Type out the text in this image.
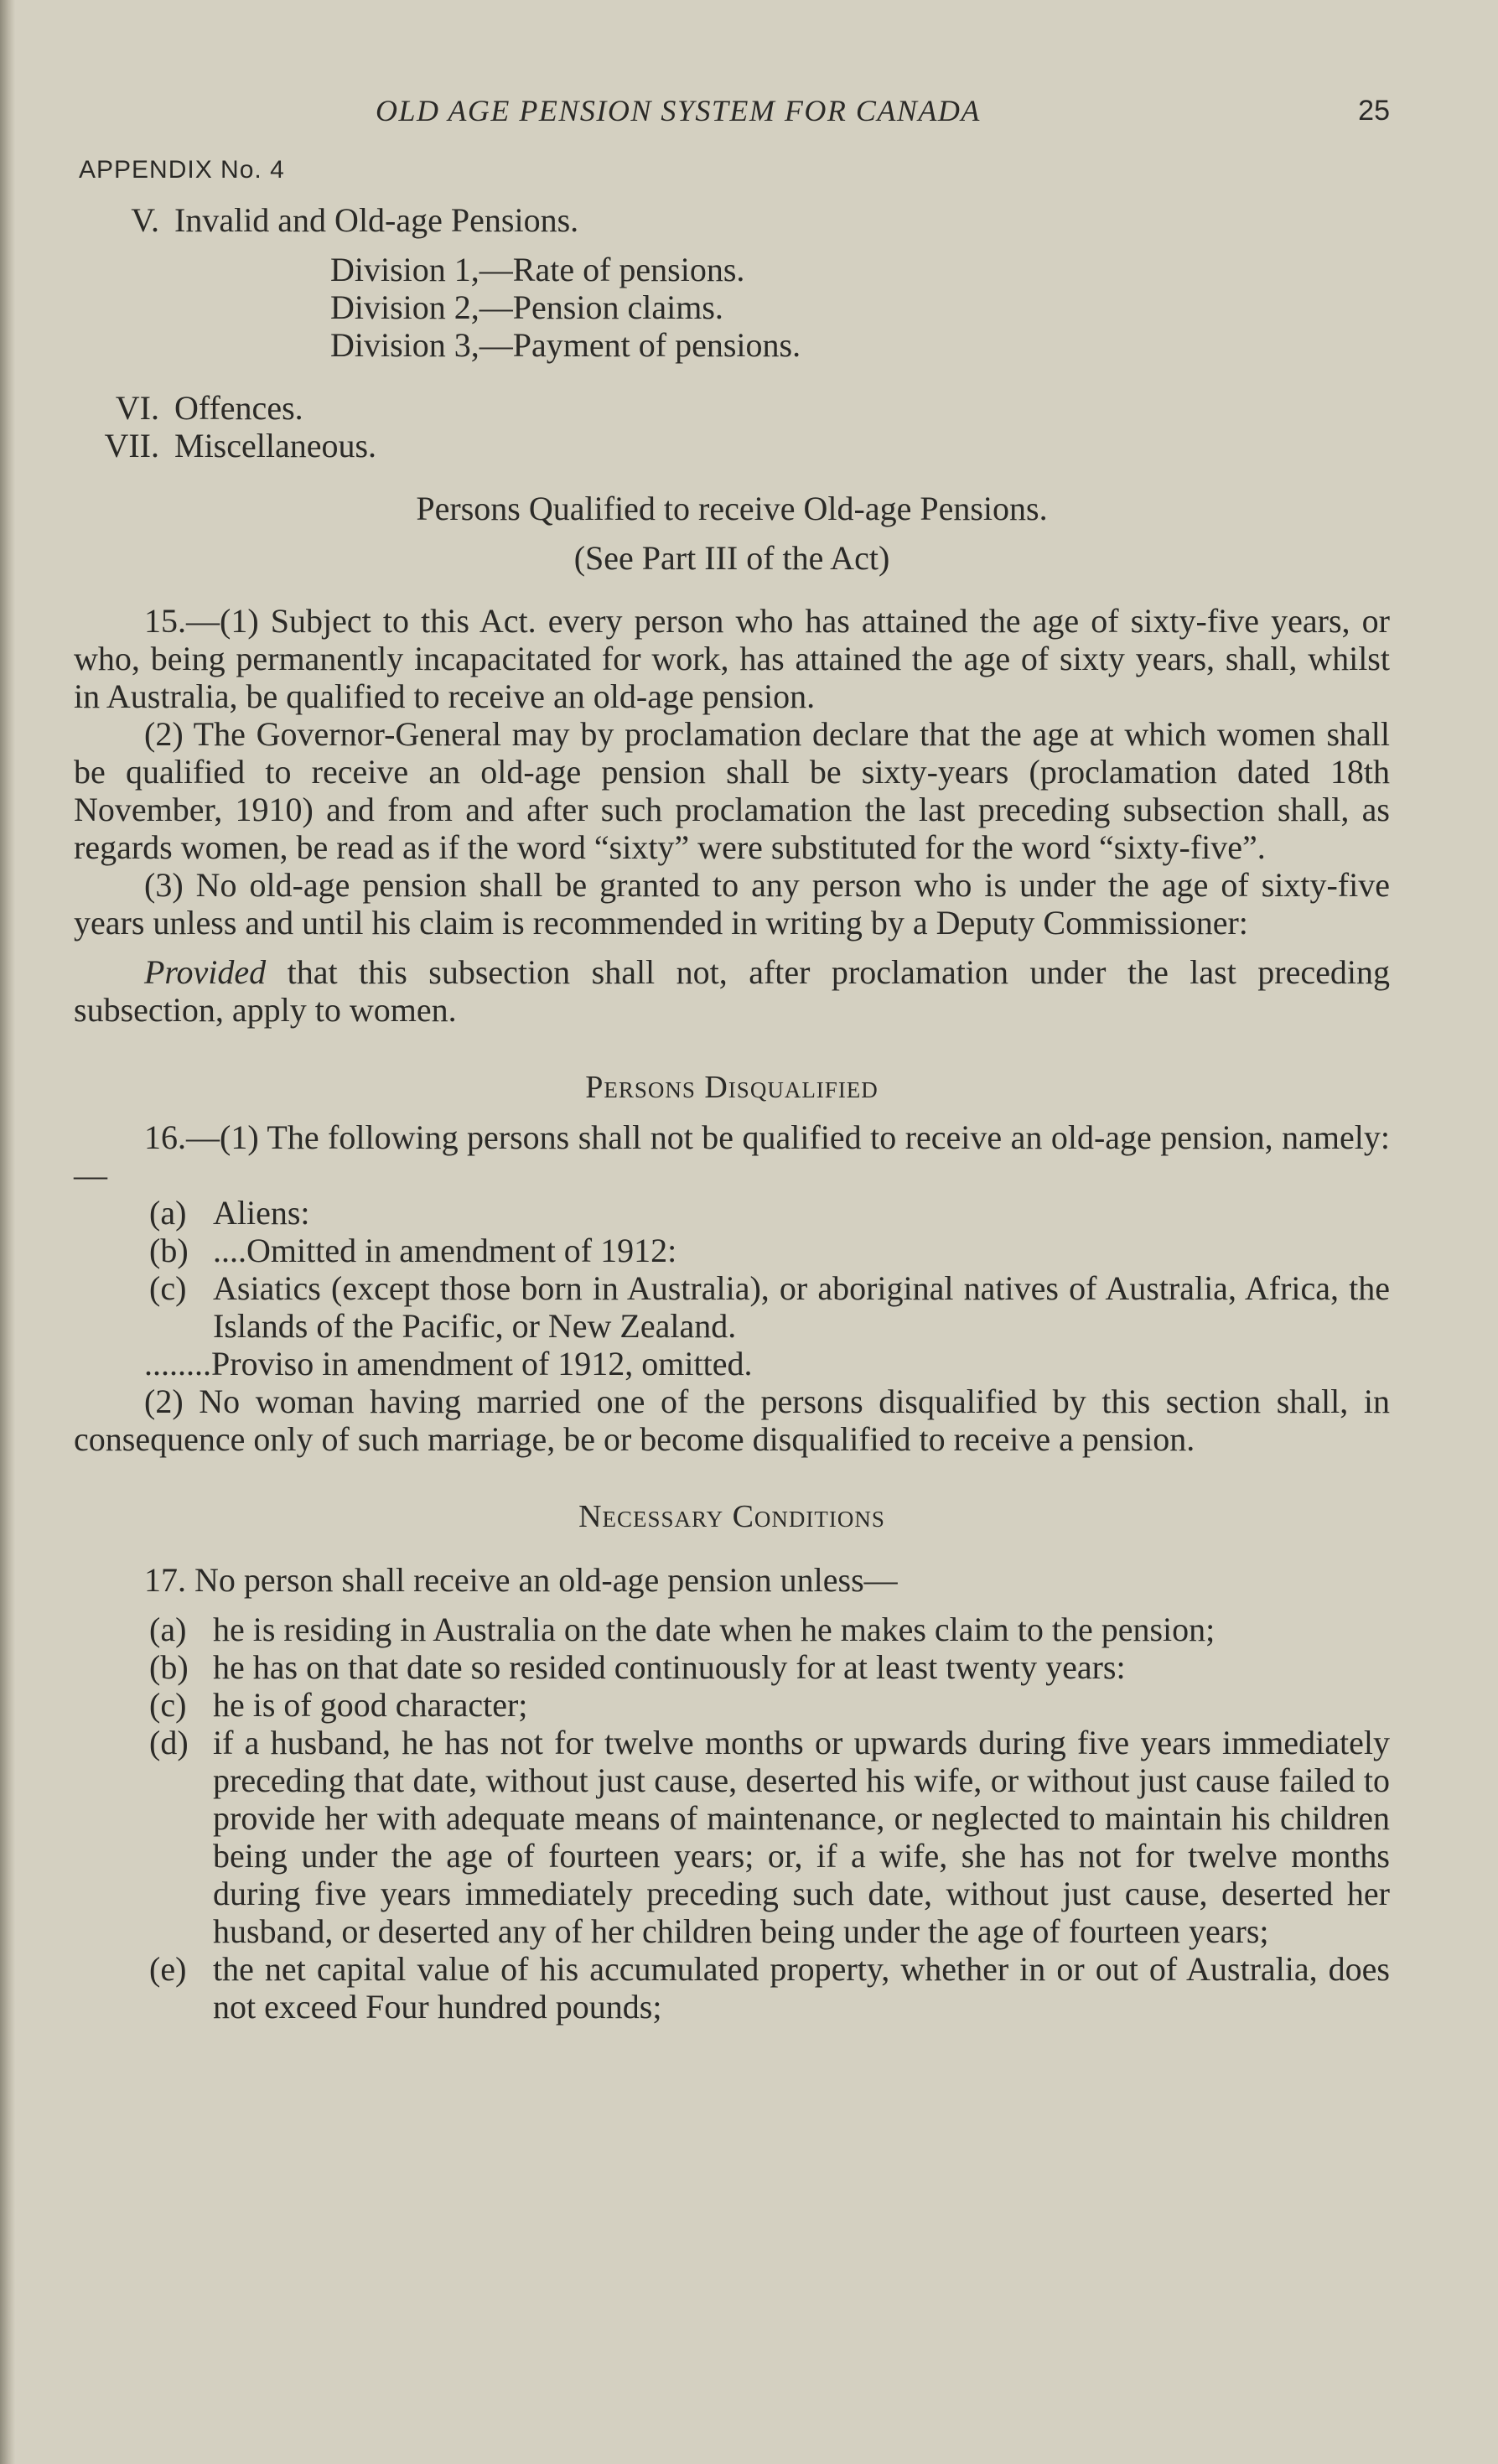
OLD AGE PENSION SYSTEM FOR CANADA	25
APPENDIX No. 4
V. Invalid and Old-age Pensions.
Division 1,—Rate of pensions.
Division 2,—Pension claims.
Division 3,—Payment of pensions.
VI. Offences.
VII. Miscellaneous.
Persons Qualified to receive Old-age Pensions.
(See Part III of the Act)

15.—(1) Subject to this Act. every person who has attained the age of sixty-five years, or who, being permanently incapacitated for work, has attained the age of sixty years, shall, whilst in Australia, be qualified to receive an old-age pension.

(2) The Governor-General may by proclamation declare that the age at which women shall be qualified to receive an old-age pension shall be sixty-years (proclamation dated 18th November, 1910) and from and after such proclamation the last preceding subsection shall, as regards women, be read as if the word “sixty” were substituted for the word “sixty-five”.

(3) No old-age pension shall be granted to any person who is under the age of sixty-five years unless and until his claim is recommended in writing by a Deputy Commissioner:

Provided that this subsection shall not, after proclamation under the last preceding subsection, apply to women.

Persons Disqualified

16.—(1) The following persons shall not be qualified to receive an old-age pension, namely:—

(a) Aliens:
(b) ....Omitted in amendment of 1912:
(c) Asiatics (except those born in Australia), or aboriginal natives of Australia, Africa, the Islands of the Pacific, or New Zealand.
........Proviso in amendment of 1912, omitted.

(2) No woman having married one of the persons disqualified by this section shall, in consequence only of such marriage, be or become disqualified to receive a pension.

Necessary Conditions

17. No person shall receive an old-age pension unless—

(a) he is residing in Australia on the date when he makes claim to the pension;
(b) he has on that date so resided continuously for at least twenty years:
(c) he is of good character;
(d) if a husband, he has not for twelve months or upwards during five years immediately preceding that date, without just cause, deserted his wife, or without just cause failed to provide her with adequate means of maintenance, or neglected to maintain his children being under the age of fourteen years; or, if a wife, she has not for twelve months during five years immediately preceding such date, without just cause, deserted her husband, or deserted any of her children being under the age of fourteen years;
(e) the net capital value of his accumulated property, whether in or out of Australia, does not exceed Four hundred pounds;
